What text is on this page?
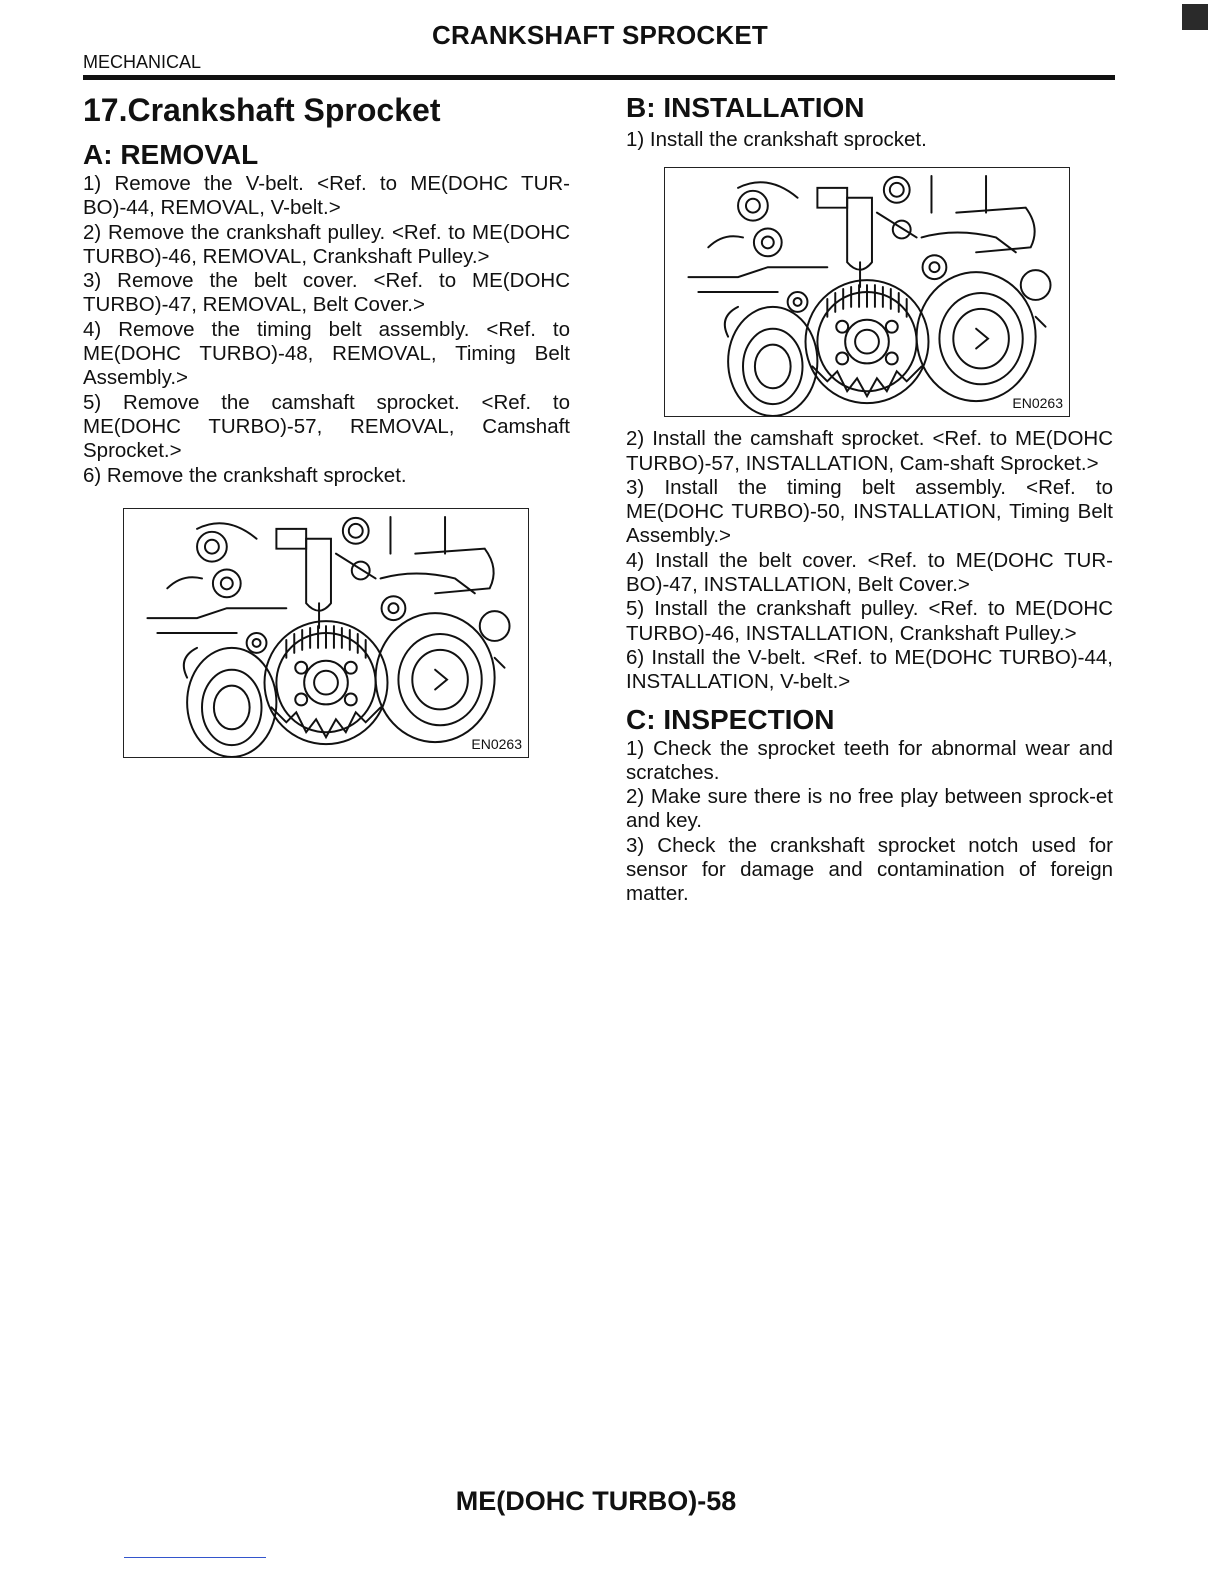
CRANKSHAFT SPROCKET
MECHANICAL
17.Crankshaft Sprocket
A: REMOVAL

1) Remove the V-belt. <Ref. to ME(DOHC TUR-BO)-44, REMOVAL, V-belt.>

2) Remove the crankshaft pulley. <Ref. to ME(DOHC TURBO)-46, REMOVAL, Crankshaft Pulley.>

3) Remove the belt cover. <Ref. to ME(DOHC TURBO)-47, REMOVAL, Belt Cover.>

4) Remove the timing belt assembly. <Ref. to ME(DOHC TURBO)-48, REMOVAL, Timing Belt Assembly.>

5) Remove the camshaft sprocket. <Ref. to ME(DOHC TURBO)-57, REMOVAL, Camshaft Sprocket.>

6) Remove the crankshaft sprocket.

EN0263
B: INSTALLATION

1) Install the crankshaft sprocket.

EN0263

2) Install the camshaft sprocket. <Ref. to ME(DOHC TURBO)-57, INSTALLATION, Cam-shaft Sprocket.>

3) Install the timing belt assembly. <Ref. to ME(DOHC TURBO)-50, INSTALLATION, Timing Belt Assembly.>

4) Install the belt cover. <Ref. to ME(DOHC TUR-BO)-47, INSTALLATION, Belt Cover.>

5) Install the crankshaft pulley. <Ref. to ME(DOHC TURBO)-46, INSTALLATION, Crankshaft Pulley.>

6) Install the V-belt. <Ref. to ME(DOHC TURBO)-44, INSTALLATION, V-belt.>

C: INSPECTION

1) Check the sprocket teeth for abnormal wear and scratches.

2) Make sure there is no free play between sprock-et and key.

3) Check the crankshaft sprocket notch used for sensor for damage and contamination of foreign matter.

ME(DOHC TURBO)-58
